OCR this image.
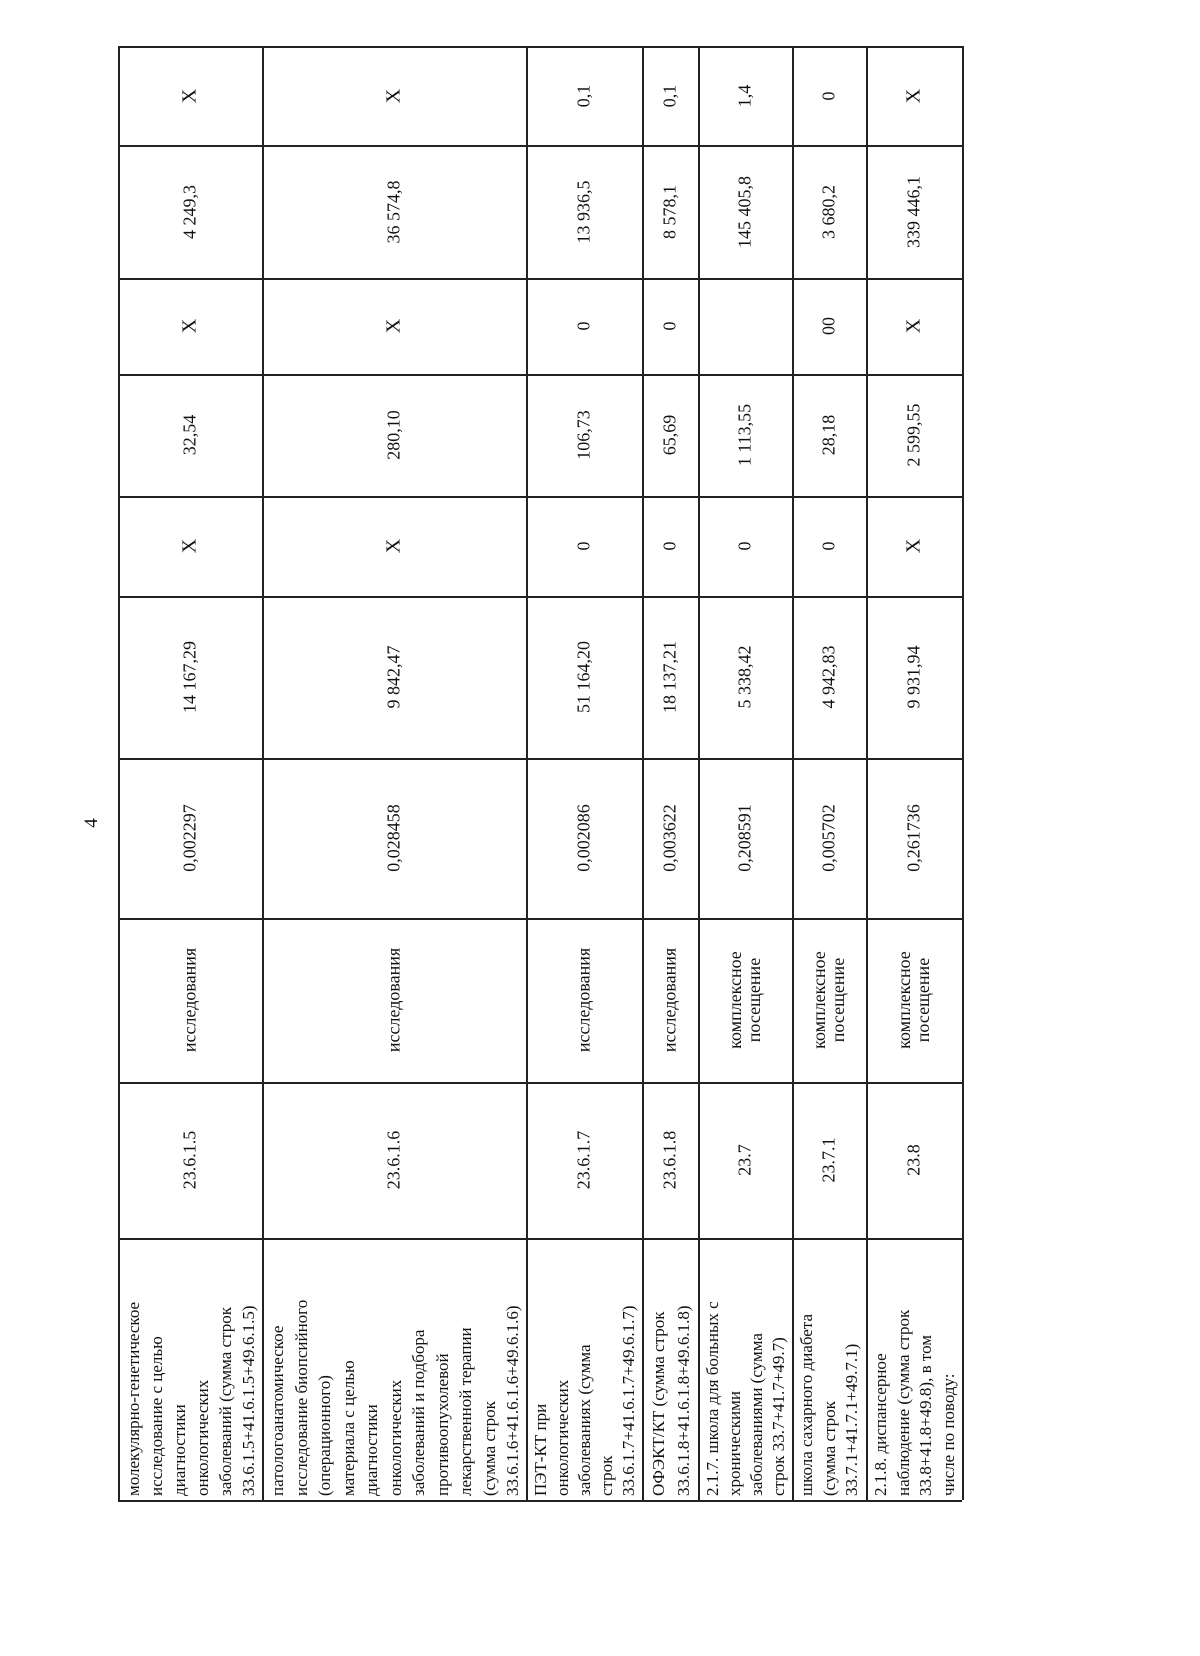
4
молекулярно-генетическое исследование с целью диагностики онкологических заболеваний (сумма строк 33.6.1.5+41.6.1.5+49.6.1.5)
23.6.1.5
исследования
0,002297
14 167,29
X
32,54
X
4 249,3
X
патологоанатомическое исследование биопсийного (операционного) материала с целью диагностики онкологических заболеваний и подбора противоопухолевой лекарственной терапии (сумма строк 33.6.1.6+41.6.1.6+49.6.1.6)
23.6.1.6
исследования
0,028458
9 842,47
X
280,10
X
36 574,8
X
ПЭТ-КТ при онкологических заболеваниях (сумма строк 33.6.1.7+41.6.1.7+49.6.1.7)
23.6.1.7
исследования
0,002086
51 164,20
0
106,73
0
13 936,5
0,1
ОФЭКТ/КТ (сумма строк 33.6.1.8+41.6.1.8+49.6.1.8)
23.6.1.8
исследования
0,003622
18 137,21
0
65,69
0
8 578,1
0,1
2.1.7. школа для больных с хроническими заболеваниями (сумма строк 33.7+41.7+49.7)
23.7
комплексное посещение
0,208591
5 338,42
0
1 113,55
145 405,8
1,4
школа сахарного диабета (сумма строк 33.7.1+41.7.1+49.7.1)
23.7.1
комплексное посещение
0,005702
4 942,83
0
28,18
00
3 680,2
0
2.1.8. диспансерное наблюдение (сумма строк 33.8+41.8+49.8), в том числе по поводу:
23.8
комплексное посещение
0,261736
9 931,94
X
2 599,55
X
339 446,1
X
